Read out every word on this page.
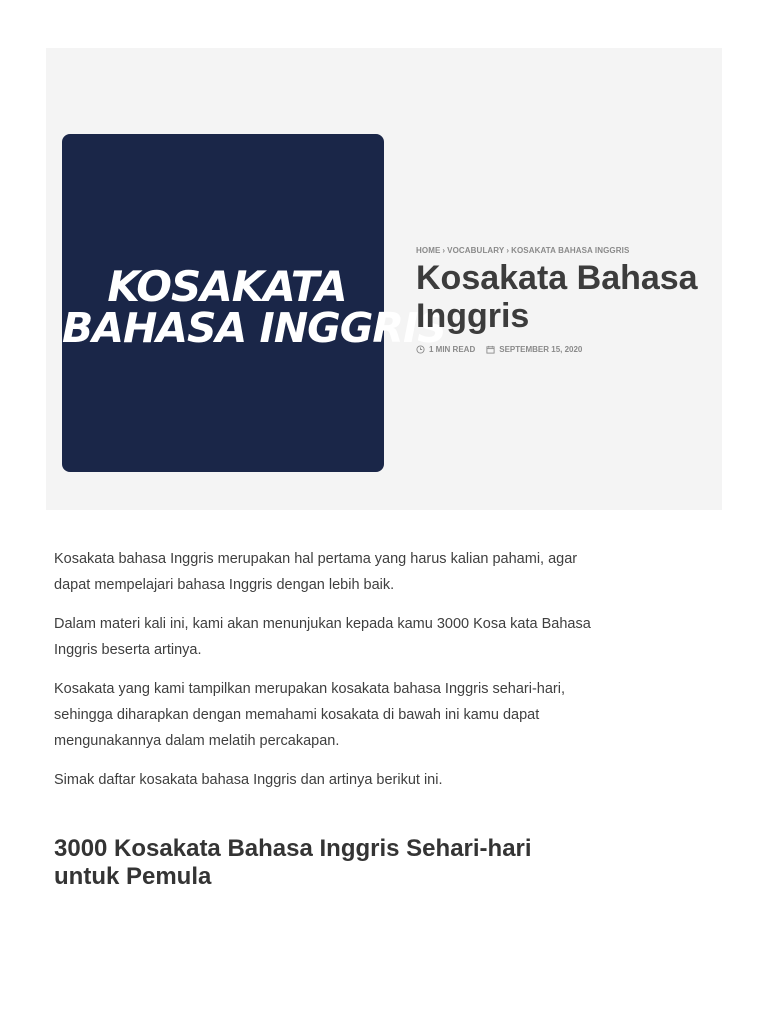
KOSAKATA
BAHASA INGGRIS
HOME › VOCABULARY › KOSAKATA BAHASA INGGRIS
Kosakata Bahasa Inggris
1 MIN READ	SEPTEMBER 15, 2020

Kosakata bahasa Inggris merupakan hal pertama yang harus kalian pahami, agar dapat mempelajari bahasa Inggris dengan lebih baik.

Dalam materi kali ini, kami akan menunjukan kepada kamu 3000 Kosa kata Bahasa Inggris beserta artinya.

Kosakata yang kami tampilkan merupakan kosakata bahasa Inggris sehari-hari, sehingga diharapkan dengan memahami kosakata di bawah ini kamu dapat mengunakannya dalam melatih percakapan.

Simak daftar kosakata bahasa Inggris dan artinya berikut ini.

3000 Kosakata Bahasa Inggris Sehari-hari untuk Pemula
